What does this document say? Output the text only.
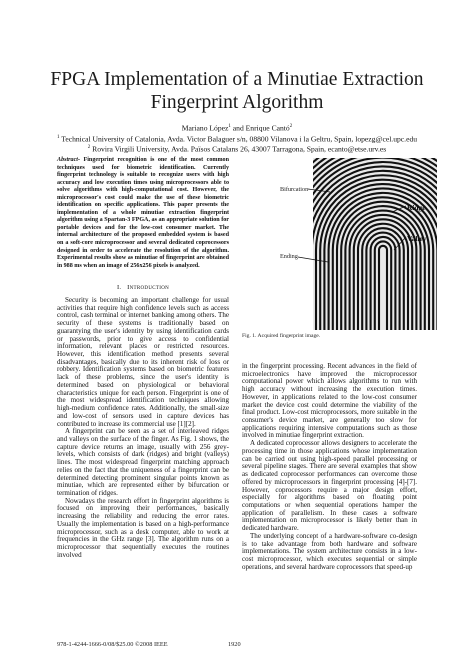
FPGA Implementation of a Minutiae Extraction
Fingerprint Algorithm
Mariano López$^1$ and Enrique Cantó$^2$
$^1$ Technical University of Catalonia, Avda. Victor Balaguer s/n, 08800 Vilanova i la Geltru, Spain, lopezg@cel.upc.edu
$^2$ Rovira Virgili University, Avda. Països Catalans 26, 43007 Tarragona, Spain, ecanto@etse.urv.es
Abstract- Fingerprint recognition is one of the most common techniques used for biometric identification. Currently fingerprint technology is suitable to recognize users with high accuracy and low execution times using microprocessors able to solve algorithms with high-computational cost. However, the microprocessor's cost could make the use of these biometric identification on specific applications. This paper presents the implementation of a whole minutiae extraction fingerprint algorithm using a Spartan-3 FPGA, as an appropriate solution for portable devices and for the low-cost consumer market. The internal architecture of the proposed embedded system is based on a soft-core microprocessor and several dedicated coprocessors designed in order to accelerate the resolution of the algorithm. Experimental results show as minutiae of fingerprint are obtained in 988 ms when an image of 256x256 pixels is analyzed.
I. Introduction

Security is becoming an important challenge for usual activities that require high confidence levels such as access control, cash terminal or internet banking among others. The security of these systems is traditionally based on guarantying the user's identity by using identification cards or passwords, prior to give access to confidential information, relevant places or restricted resources. However, this identification method presents several disadvantages, basically due to its inherent risk of loss or robbery. Identification systems based on biometric features lack of these problems, since the user's identity is determined based on physiological or behavioral characteristics unique for each person. Fingerprint is one of the most widespread identification techniques allowing high-medium confidence rates. Additionally, the small-size and low-cost of sensors used in capture devices has contributed to increase its commercial use [1][2].

A fingerprint can be seen as a set of interleaved ridges and valleys on the surface of the finger. As Fig. 1 shows, the capture device returns an image, usually with 256 grey-levels, which consists of dark (ridges) and bright (valleys) lines. The most widespread fingerprint matching approach relies on the fact that the uniqueness of a fingerprint can be determined detecting prominent singular points known as minutiae, which are represented either by bifurcation or termination of ridges.

Nowadays the research effort in fingerprint algorithms is focused on improving their performances, basically increasing the reliability and reducing the error rates. Usually the implementation is based on a high-performance microprocessor, such as a desk computer, able to work at frequencies in the GHz range [3]. The algorithm runs on a microprocessor that sequentially executes the routines involved

Bifurcation
Ridge
Valley
Ending
Fig. 1. Acquired fingerprint image.

in the fingerprint processing. Recent advances in the field of microelectronics have improved the microprocessor computational power which allows algorithms to run with high accuracy without increasing the execution times. However, in applications related to the low-cost consumer market the device cost could determine the viability of the final product. Low-cost microprocessors, more suitable in the consumer's device market, are generally too slow for applications requiring intensive computations such as those involved in minutiae fingerprint extraction.

A dedicated coprocessor allows designers to accelerate the processing time in those applications whose implementation can be carried out using high-speed parallel processing or several pipeline stages. There are several examples that show as dedicated coprocessor performances can overcome those offered by microprocessors in fingerprint processing [4]-[7]. However, coprocessors require a major design effort, especially for algorithms based on floating point computations or when sequential operations hamper the application of parallelism. In these cases a software implementation on microprocessor is likely better than in dedicated hardware.

The underlying concept of a hardware-software co-design is to take advantage from both hardware and software implementations. The system architecture consists in a low-cost microprocessor, which executes sequential or simple operations, and several hardware coprocessors that speed-up

978-1-4244-1666-0/08/$25.00 ©2008 IEEE	1920
